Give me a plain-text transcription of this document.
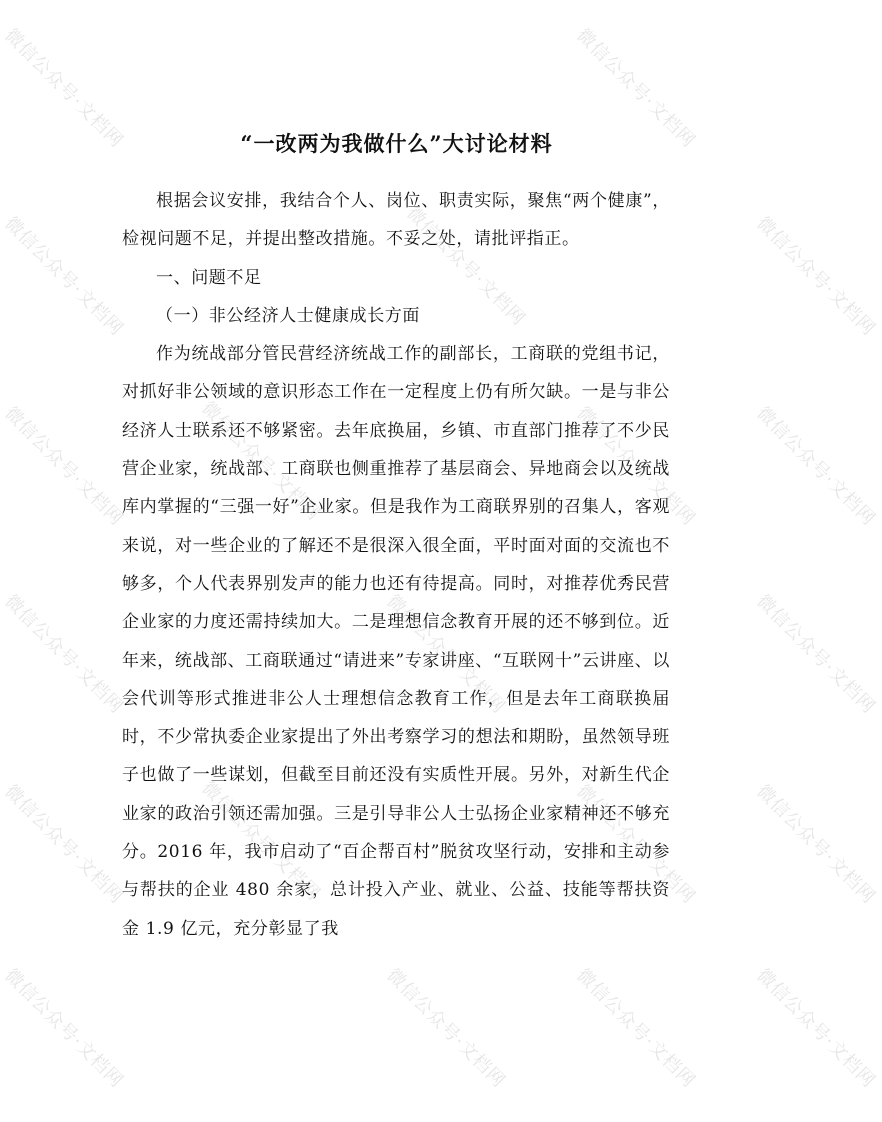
“一改两为我做什么”大讨论材料

根据会议安排，我结合个人、岗位、职责实际，聚焦“两个健康”，检视问题不足，并提出整改措施。不妥之处，请批评指正。

一、问题不足

（一）非公经济人士健康成长方面

作为统战部分管民营经济统战工作的副部长，工商联的党组书记，对抓好非公领域的意识形态工作在一定程度上仍有所欠缺。一是与非公经济人士联系还不够紧密。去年底换届，乡镇、市直部门推荐了不少民营企业家，统战部、工商联也侧重推荐了基层商会、异地商会以及统战库内掌握的“三强一好”企业家。但是我作为工商联界别的召集人，客观来说，对一些企业的了解还不是很深入很全面，平时面对面的交流也不够多，个人代表界别发声的能力也还有待提高。同时，对推荐优秀民营企业家的力度还需持续加大。二是理想信念教育开展的还不够到位。近年来，统战部、工商联通过“请进来”专家讲座、“互联网十”云讲座、以会代训等形式推进非公人士理想信念教育工作，但是去年工商联换届时，不少常执委企业家提出了外出考察学习的想法和期盼，虽然领导班子也做了一些谋划，但截至目前还没有实质性开展。另外，对新生代企业家的政治引领还需加强。三是引导非公人士弘扬企业家精神还不够充分。2016 年，我市启动了“百企帮百村”脱贫攻坚行动，安排和主动参与帮扶的企业 480 余家，总计投入产业、就业、公益、技能等帮扶资金 1.9 亿元，充分彰显了我

微信公众号·文档网	微信公众号·文档网
微信公众号·文档网
微信公众号·文档网	微信公众号·文档网
微信公众号·文档网
微信公众号·文档网	微信公众号·文档网	微信公众号·文档网
微信公众号·文档网	微信公众号·文档网	微信公众号·文档网
微信公众号·文档网
微信公众号·文档网	微信公众号·文档网	微信公众号·文档网
微信公众号·文档网	微信公众号·文档网	微信公众号·文档网	微信公众号·文档网
